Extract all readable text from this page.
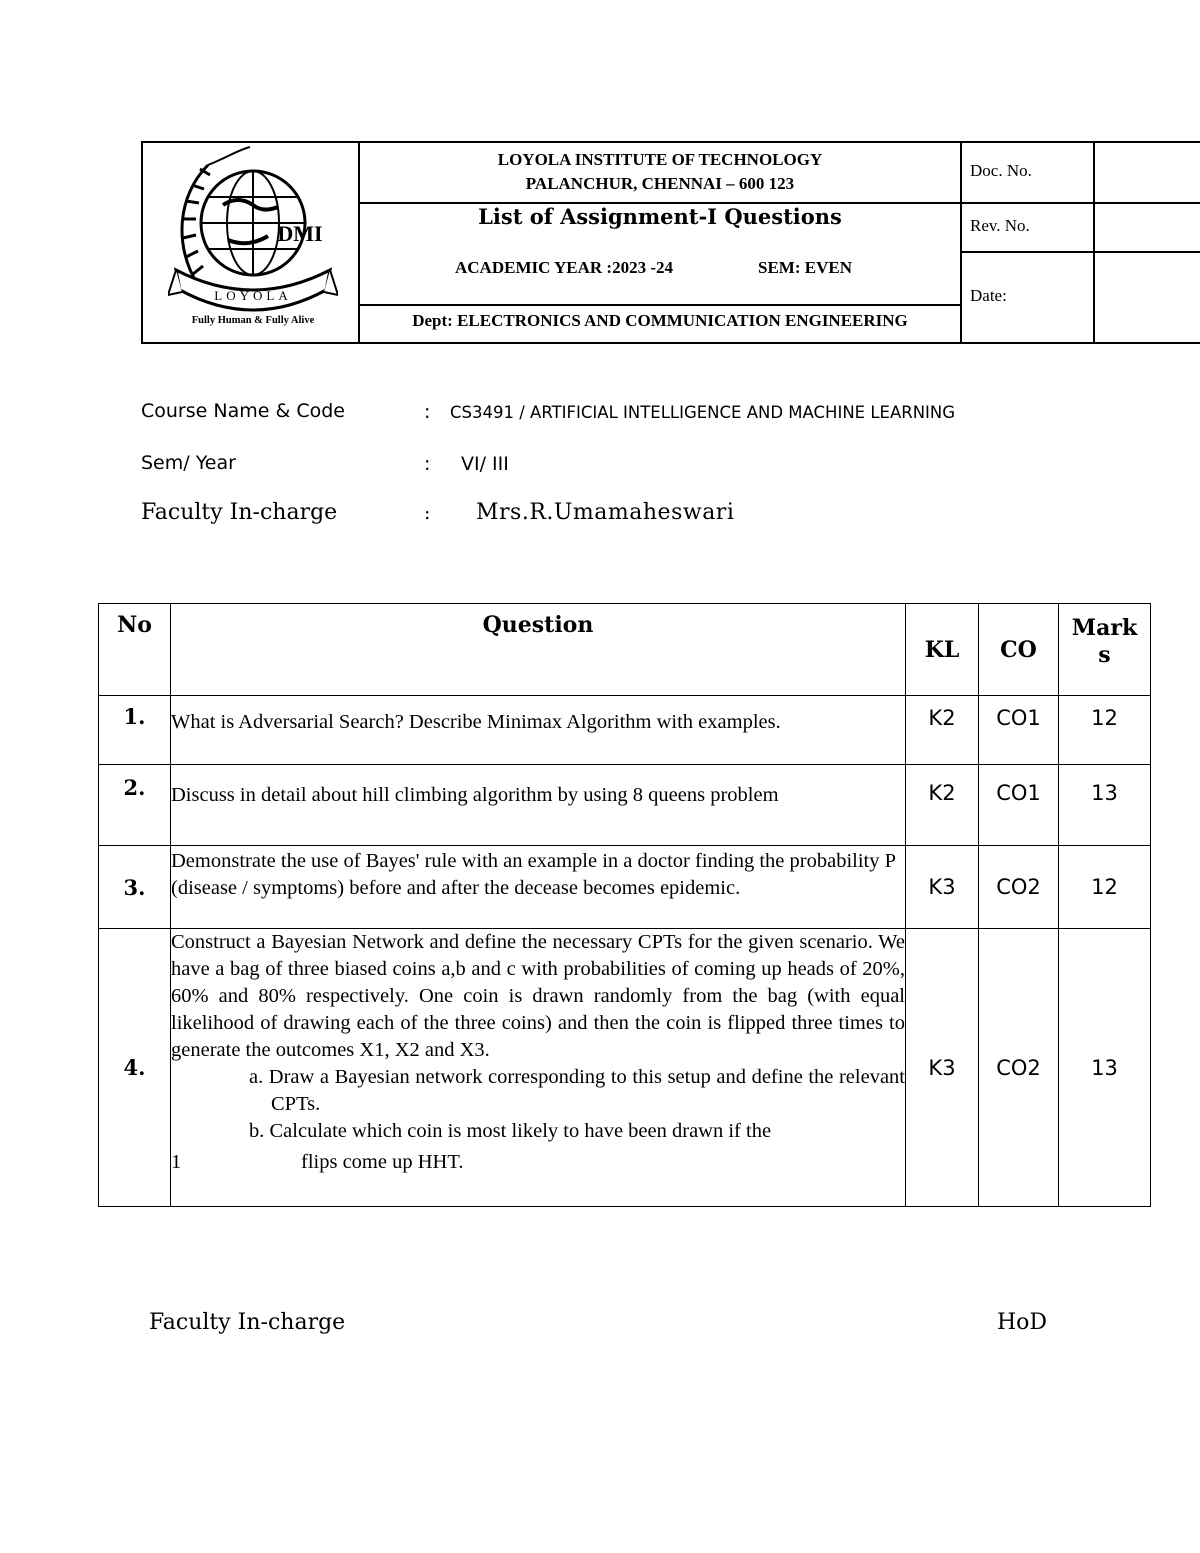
LOYOLA
DMI
Fully Human & Fully Alive
LOYOLA INSTITUTE OF TECHNOLOGY
PALANCHUR, CHENNAI – 600 123
List of Assignment-I Questions
ACADEMIC YEAR :2023 -24	SEM: EVEN
Dept: ELECTRONICS AND COMMUNICATION ENGINEERING
Doc. No.
Rev. No.
Date:
Course Name & Code	: CS3491 / ARTIFICIAL INTELLIGENCE AND MACHINE LEARNING
Sem/ Year	: VI/ III
Faculty In-charge	: Mrs.R.Umamaheswari
No	Question	KL	CO	Mark
s

1.	What is Adversarial Search? Describe Minimax Algorithm with examples.	K2	CO1	12
2.	Discuss in detail about hill climbing algorithm by using 8 queens problem	K2	CO1	13
3.	Demonstrate the use of Bayes' rule with an example in a doctor finding the probability P (disease / symptoms) before and after the decease becomes epidemic.	K3	CO2	12
4.	Construct a Bayesian Network and define the necessary CPTs for the given scenario. We have a bag of three biased coins a,b and c with probabilities of coming up heads of 20%, 60% and 80% respectively. One coin is drawn randomly from the bag (with equal likelihood of drawing each of the three coins) and then the coin is flipped three times to generate the outcomes X1, X2 and X3.
a. Draw a Bayesian network corresponding to this setup and define the relevant CPTs.
b. Calculate which coin is most likely to have been drawn if the
1 flips come up HHT.	K3	CO2	13
Faculty In-charge	HoD
